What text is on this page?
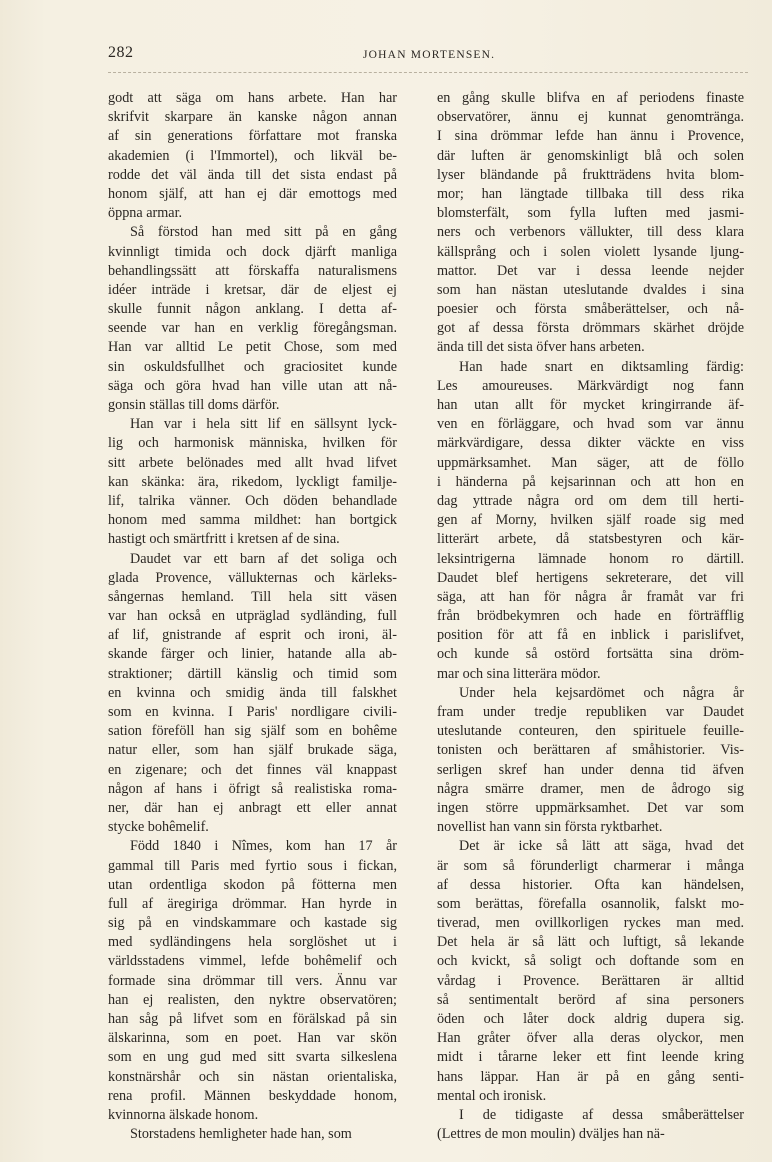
282	JOHAN MORTENSEN.
godt att säga om hans arbete. Han har
skrifvit skarpare än kanske någon annan
af sin generations författare mot franska
akademien (i l'Immortel), och likväl be-
rodde det väl ända till det sista endast på
honom själf, att han ej där emottogs med
öppna armar.
Så förstod han med sitt på en gång
kvinnligt timida och dock djärft manliga
behandlingssätt att förskaffa naturalismens
idéer inträde i kretsar, där de eljest ej
skulle funnit någon anklang. I detta af-
seende var han en verklig föregångsman.
Han var alltid Le petit Chose, som med
sin oskuldsfullhet och graciositet kunde
säga och göra hvad han ville utan att nå-
gonsin ställas till doms därför.
Han var i hela sitt lif en sällsynt lyck-
lig och harmonisk människa, hvilken för
sitt arbete belönades med allt hvad lifvet
kan skänka: ära, rikedom, lyckligt familje-
lif, talrika vänner. Och döden behandlade
honom med samma mildhet: han bortgick
hastigt och smärtfritt i kretsen af de sina.
Daudet var ett barn af det soliga och
glada Provence, vällukternas och kärleks-
sångernas hemland. Till hela sitt väsen
var han också en utpräglad sydländing, full
af lif, gnistrande af esprit och ironi, äl-
skande färger och linier, hatande alla ab-
straktioner; därtill känslig och timid som
en kvinna och smidig ända till falskhet
som en kvinna. I Paris' nordligare civili-
sation föreföll han sig själf som en bohême
natur eller, som han själf brukade säga,
en zigenare; och det finnes väl knappast
någon af hans i öfrigt så realistiska roma-
ner, där han ej anbragt ett eller annat
stycke bohêmelif.
Född 1840 i Nîmes, kom han 17 år
gammal till Paris med fyrtio sous i fickan,
utan ordentliga skodon på fötterna men
full af äregiriga drömmar. Han hyrde in
sig på en vindskammare och kastade sig
med sydländingens hela sorglöshet ut i
världsstadens vimmel, lefde bohêmelif och
formade sina drömmar till vers. Ännu var
han ej realisten, den nyktre observatören;
han såg på lifvet som en förälskad på sin
älskarinna, som en poet. Han var skön
som en ung gud med sitt svarta silkeslena
konstnärshår och sin nästan orientaliska,
rena profil. Männen beskyddade honom,
kvinnorna älskade honom.
Storstadens hemligheter hade han, som
en gång skulle blifva en af periodens finaste
observatörer, ännu ej kunnat genomtränga.
I sina drömmar lefde han ännu i Provence,
där luften är genomskinligt blå och solen
lyser bländande på fruktträdens hvita blom-
mor; han längtade tillbaka till dess rika
blomsterfält, som fylla luften med jasmi-
ners och verbenors vällukter, till dess klara
källsprång och i solen violett lysande ljung-
mattor. Det var i dessa leende nejder
som han nästan uteslutande dvaldes i sina
poesier och första småberättelser, och nå-
got af dessa första drömmars skärhet dröjde
ända till det sista öfver hans arbeten.
Han hade snart en diktsamling färdig:
Les amoureuses. Märkvärdigt nog fann
han utan allt för mycket kringirrande äf-
ven en förläggare, och hvad som var ännu
märkvärdigare, dessa dikter väckte en viss
uppmärksamhet. Man säger, att de föllo
i händerna på kejsarinnan och att hon en
dag yttrade några ord om dem till herti-
gen af Morny, hvilken själf roade sig med
litterärt arbete, då statsbestyren och kär-
leksintrigerna lämnade honom ro därtill.
Daudet blef hertigens sekreterare, det vill
säga, att han för några år framåt var fri
från brödbekymren och hade en förträfflig
position för att få en inblick i parislifvet,
och kunde så ostörd fortsätta sina dröm-
mar och sina litterära mödor.
Under hela kejsardömet och några år
fram under tredje republiken var Daudet
uteslutande conteuren, den spirituele feuille-
tonisten och berättaren af småhistorier. Vis-
serligen skref han under denna tid äfven
några smärre dramer, men de ådrogo sig
ingen större uppmärksamhet. Det var som
novellist han vann sin första ryktbarhet.
Det är icke så lätt att säga, hvad det
är som så förunderligt charmerar i många
af dessa historier. Ofta kan händelsen,
som berättas, förefalla osannolik, falskt mo-
tiverad, men ovillkorligen ryckes man med.
Det hela är så lätt och luftigt, så lekande
och kvickt, så soligt och doftande som en
vårdag i Provence. Berättaren är alltid
så sentimentalt berörd af sina personers
öden och låter dock aldrig dupera sig.
Han gråter öfver alla deras olyckor, men
midt i tårarne leker ett fint leende kring
hans läppar. Han är på en gång senti-
mental och ironisk.
I de tidigaste af dessa småberättelser
(Lettres de mon moulin) dväljes han nä-
